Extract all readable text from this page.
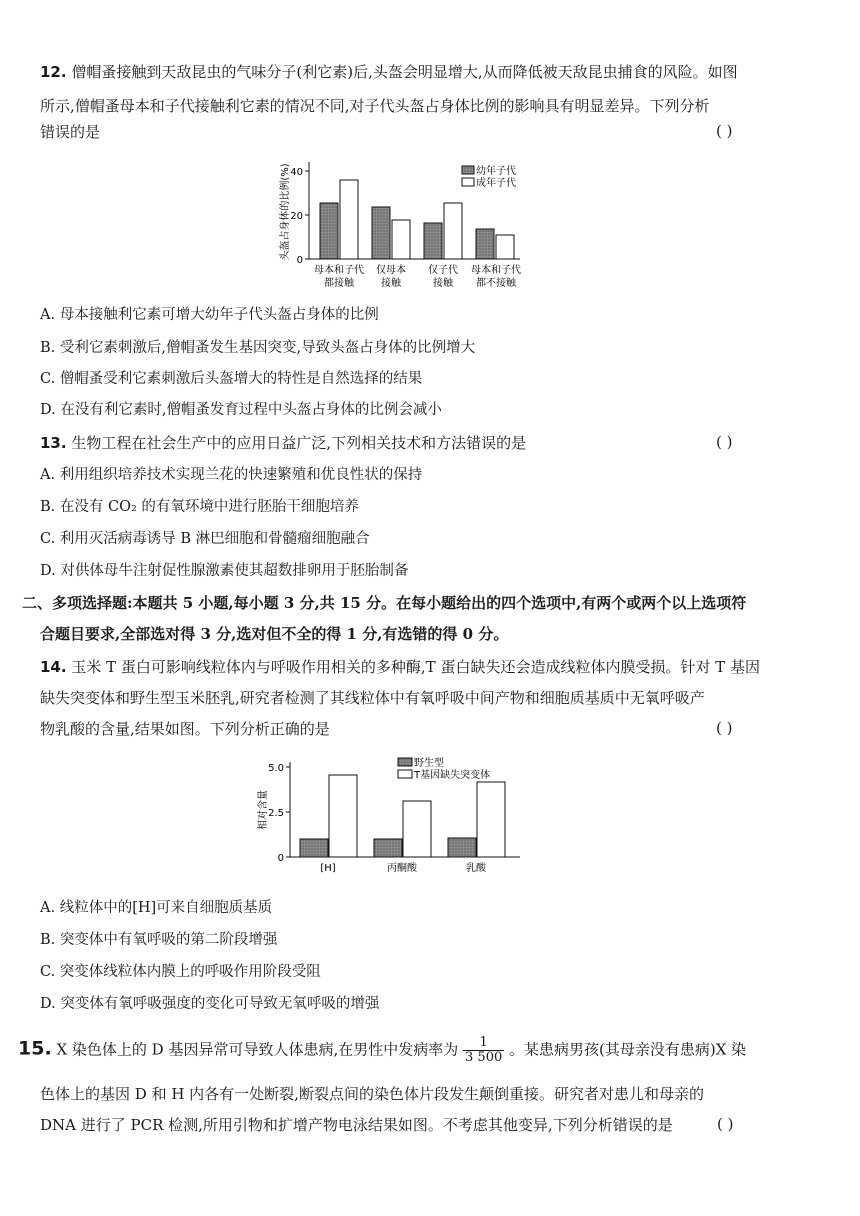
12. 僧帽蚤接触到天敌昆虫的气味分子(利它素)后,头盔会明显增大,从而降低被天敌昆虫捕食的风险。如图
所示,僧帽蚤母本和子代接触利它素的情况不同,对子代头盔占身体比例的影响具有明显差异。下列分析
错误的是	( )
头盔占身体的比例(%) 0
20
40	幼年子代
成年子代
母本和子代
都接触
仅母本
接触
仅子代
接触
母本和子代
都不接触
A. 母本接触利它素可增大幼年子代头盔占身体的比例
B. 受利它素刺激后,僧帽蚤发生基因突变,导致头盔占身体的比例增大
C. 僧帽蚤受利它素刺激后头盔增大的特性是自然选择的结果
D. 在没有利它素时,僧帽蚤发育过程中头盔占身体的比例会减小
13. 生物工程在社会生产中的应用日益广泛,下列相关技术和方法错误的是	( )
A. 利用组织培养技术实现兰花的快速繁殖和优良性状的保持
B. 在没有 CO₂ 的有氧环境中进行胚胎干细胞培养
C. 利用灭活病毒诱导 B 淋巴细胞和骨髓瘤细胞融合
D. 对供体母牛注射促性腺激素使其超数排卵用于胚胎制备
二、多项选择题:本题共 5 小题,每小题 3 分,共 15 分。在每小题给出的四个选项中,有两个或两个以上选项符
合题目要求,全部选对得 3 分,选对但不全的得 1 分,有选错的得 0 分。
14. 玉米 T 蛋白可影响线粒体内与呼吸作用相关的多种酶,T 蛋白缺失还会造成线粒体内膜受损。针对 T 基因
缺失突变体和野生型玉米胚乳,研究者检测了其线粒体中有氧呼吸中间产物和细胞质基质中无氧呼吸产
物乳酸的含量,结果如图。下列分析正确的是	( )
相对含量
0
2.5
5.0	野生型
T基因缺失突变体
[H]	丙酮酸	乳酸
A. 线粒体中的[H]可来自细胞质基质
B. 突变体中有氧呼吸的第二阶段增强
C. 突变体线粒体内膜上的呼吸作用阶段受阻
D. 突变体有氧呼吸强度的变化可导致无氧呼吸的增强
15. X 染色体上的 D 基因异常可导致人体患病,在男性中发病率为 $\frac{1}{3 500}$ 。某患病男孩(其母亲没有患病)X 染
色体上的基因 D 和 H 内各有一处断裂,断裂点间的染色体片段发生颠倒重接。研究者对患儿和母亲的
DNA 进行了 PCR 检测,所用引物和扩增产物电泳结果如图。不考虑其他变异,下列分析错误的是	( )
